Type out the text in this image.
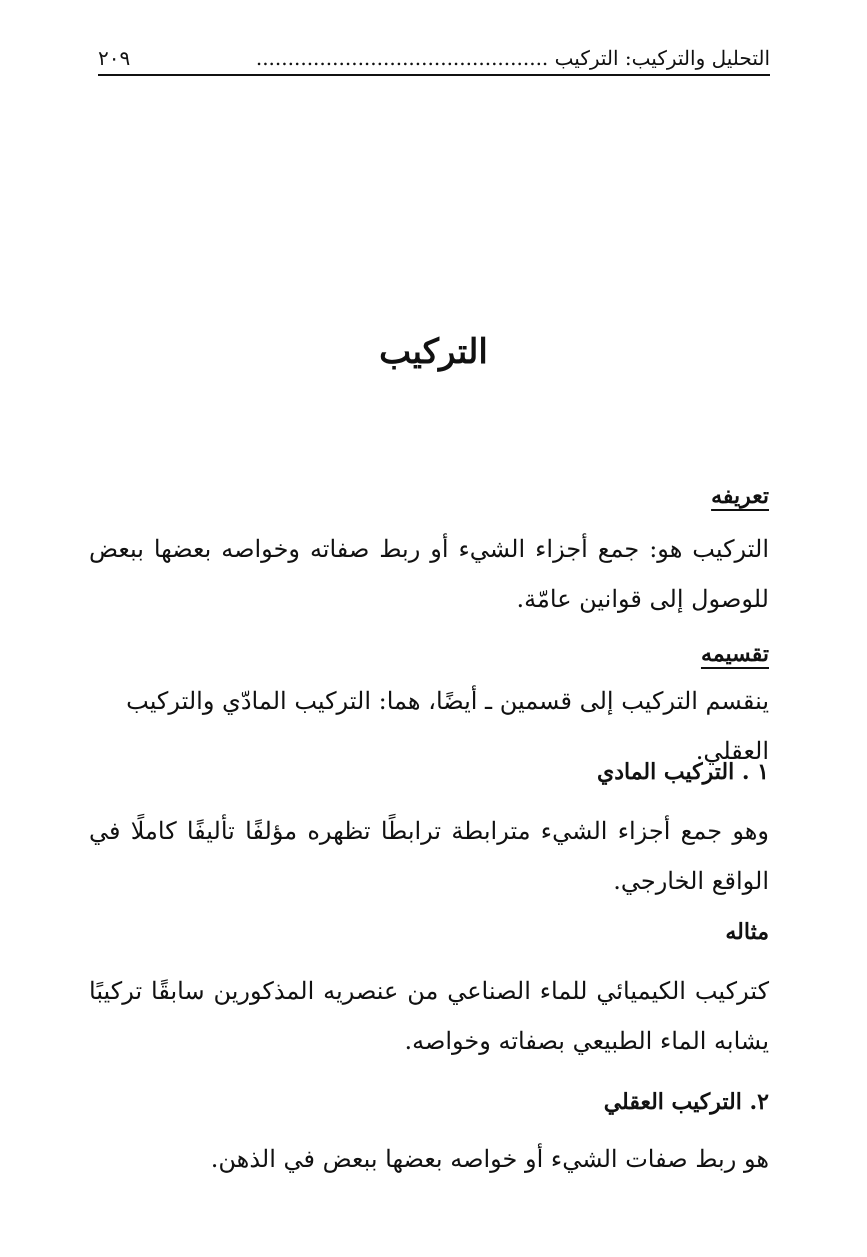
التحليل والتركيب: التركيب ..............................................
٢٠٩
التركيب
تعريفه
التركيب هو: جمع أجزاء الشيء أو ربط صفاته وخواصه بعضها ببعض للوصول إلى قوانين عامّة.
تقسيمه
ينقسم التركيب إلى قسمين ـ أيضًا، هما: التركيب المادّي والتركيب العقلي.
١ . التركيب المادي
وهو جمع أجزاء الشيء مترابطة ترابطًا تظهره مؤلفًا تأليفًا كاملًا في الواقع الخارجي.
مثاله
كتركيب الكيميائي للماء الصناعي من عنصريه المذكورين سابقًا تركيبًا يشابه الماء الطبيعي بصفاته وخواصه.
٢. التركيب العقلي
هو ربط صفات الشيء أو خواصه بعضها ببعض في الذهن.
